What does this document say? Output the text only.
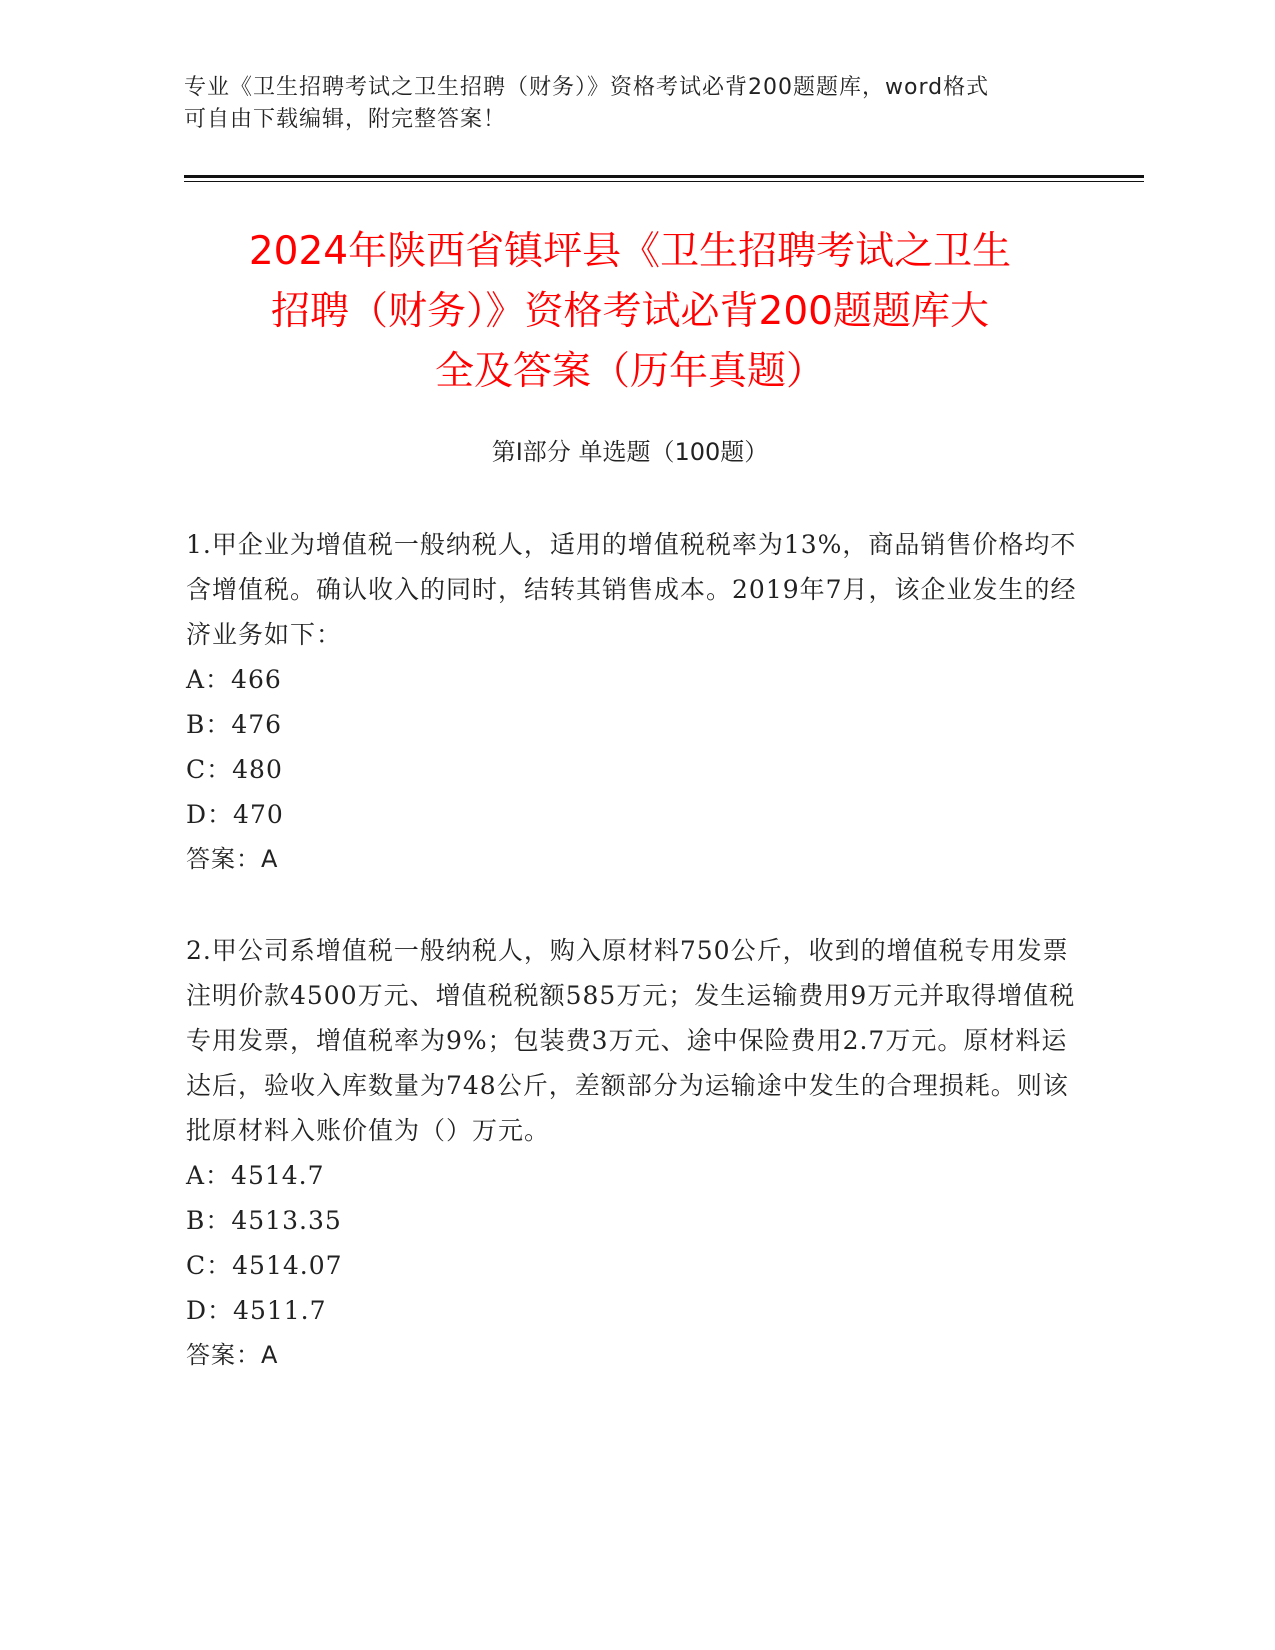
专业《卫生招聘考试之卫生招聘（财务）》资格考试必背200题题库，word格式
可自由下载编辑，附完整答案！
2024年陕西省镇坪县《卫生招聘考试之卫生
招聘（财务）》资格考试必背200题题库大
全及答案（历年真题）
第I部分 单选题（100题）
1.甲企业为增值税一般纳税人，适用的增值税税率为13%，商品销售价格均不含增值税。确认收入的同时，结转其销售成本。2019年7月，该企业发生的经济业务如下：
A：466
B：476
C：480
D：470
答案：A
2.甲公司系增值税一般纳税人，购入原材料750公斤，收到的增值税专用发票注明价款4500万元、增值税税额585万元；发生运输费用9万元并取得增值税专用发票，增值税率为9%；包装费3万元、途中保险费用2.7万元。原材料运达后，验收入库数量为748公斤，差额部分为运输途中发生的合理损耗。则该批原材料入账价值为（）万元。
A：4514.7
B：4513.35
C：4514.07
D：4511.7
答案：A
